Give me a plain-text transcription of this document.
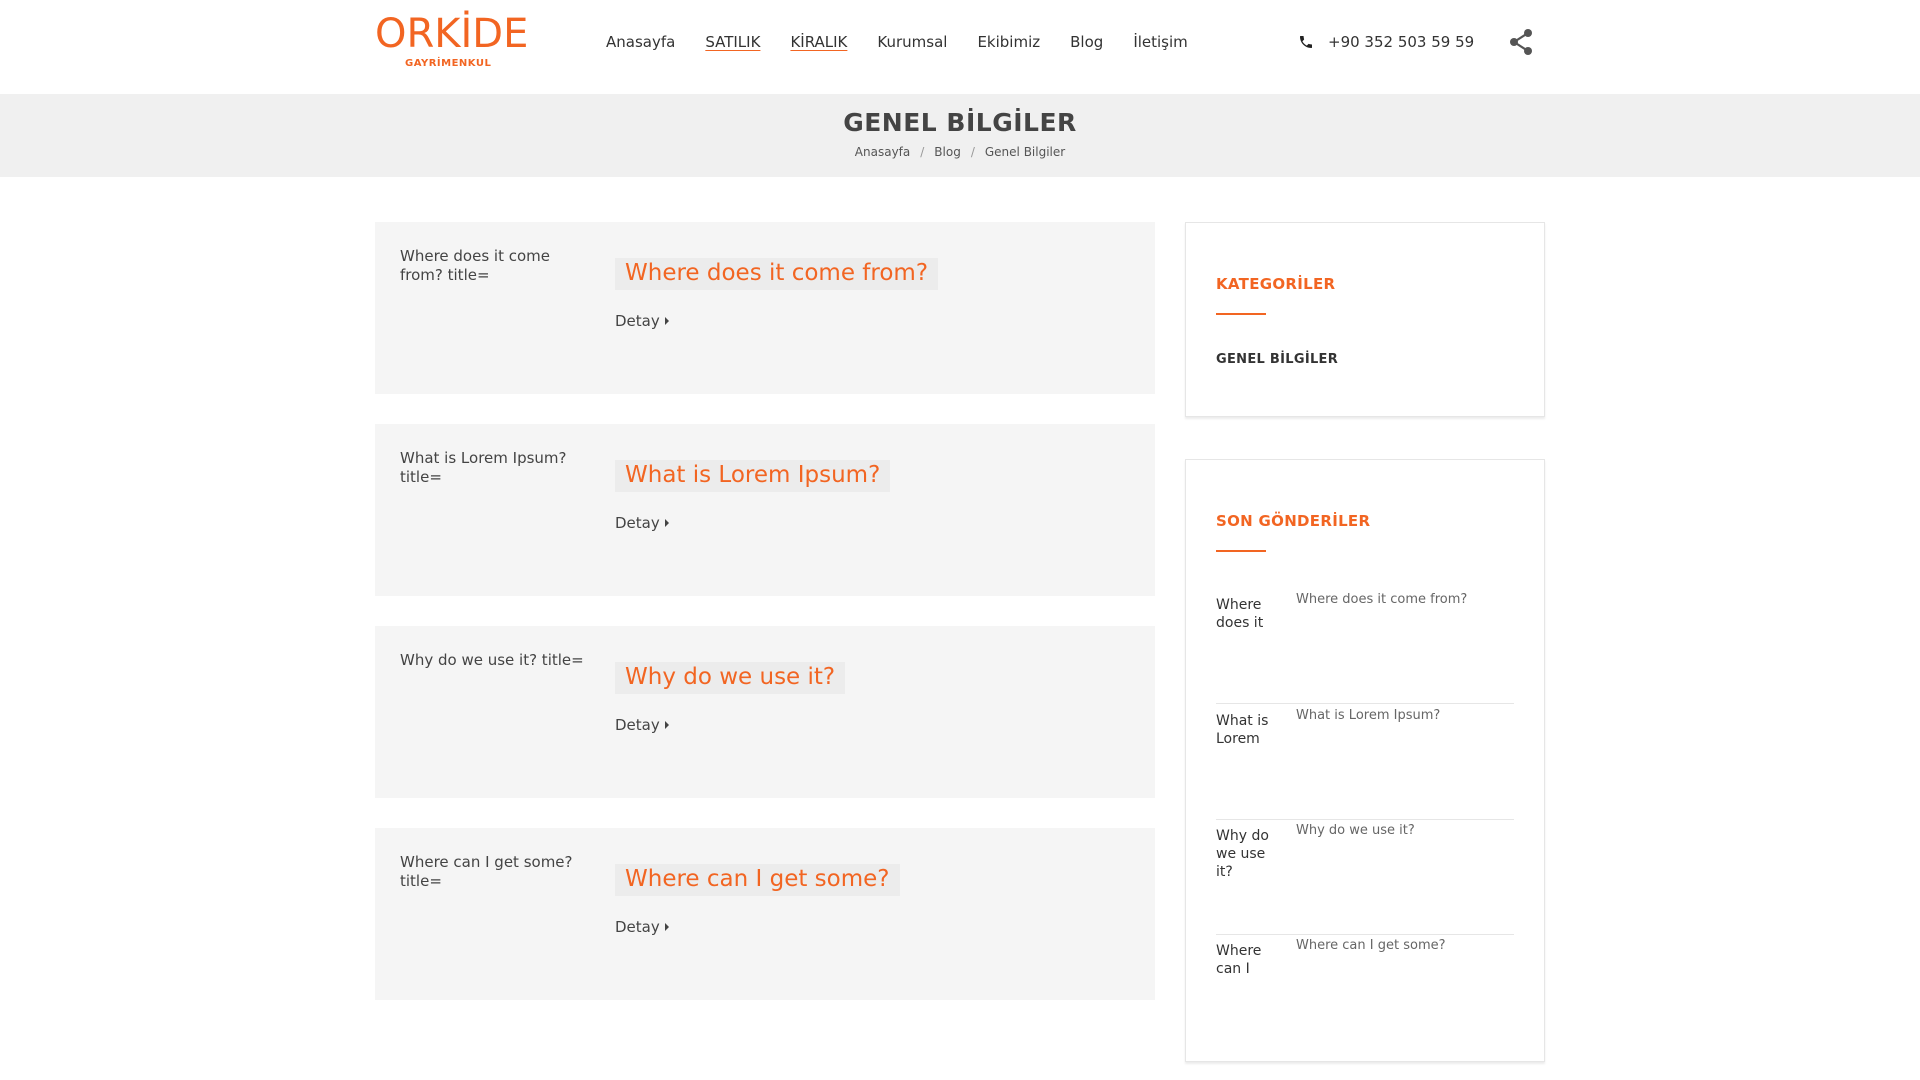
ORKİDE
GAYRİMENKUL
Anasayfa SATILIK KİRALIK Kurumsal Ekibimiz Blog İletişim	+90 352 503 59 59
GENEL BİLGİLER
Anasayfa / Blog / Genel Bilgiler
Where does it come from? title=	Where does it come from?
Detay
What is Lorem Ipsum? title=	What is Lorem Ipsum?
Detay
Why do we use it? title=
Why do we use it?
Detay
Where can I get some? title=	Where can I get some?
Detay
KATEGORİLER
GENEL BİLGİLER
SON GÖNDERİLER
Where does it
Where does it come from?
What is Lorem
What is Lorem Ipsum?
Why do we use it?
Why do we use it?
Where can I
Where can I get some?
